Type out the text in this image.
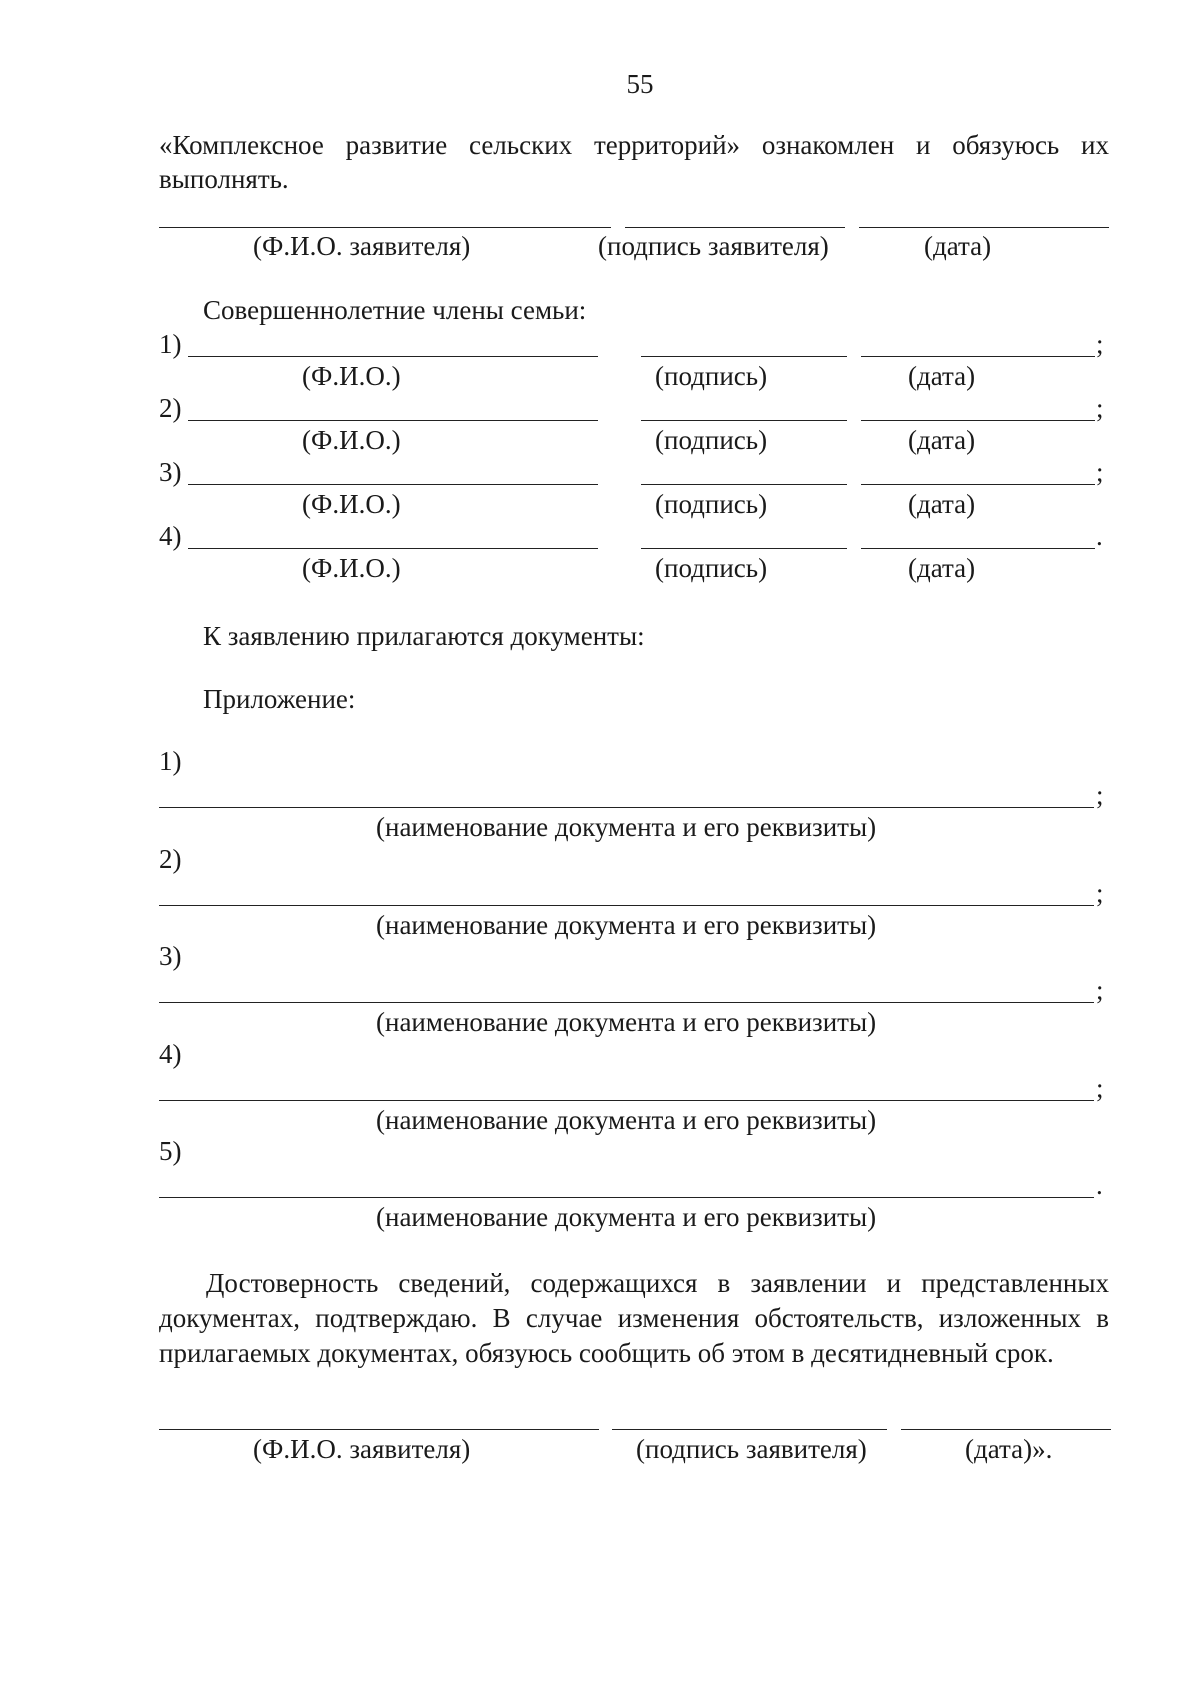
55
«Комплексное развитие сельских территорий» ознакомлен и обязуюсь их выполнять.
(Ф.И.О. заявителя)	(подпись заявителя)	(дата)
Совершеннолетние члены семьи:
1)	;
(Ф.И.О.)	(подпись)	(дата)
2)	;
(Ф.И.О.)	(подпись)	(дата)
3)	;
(Ф.И.О.)	(подпись)	(дата)
4)	.
(Ф.И.О.)	(подпись)	(дата)
К заявлению прилагаются документы:
Приложение:
1)
;
(наименование документа и его реквизиты)
2)
;
(наименование документа и его реквизиты)
3)
;
(наименование документа и его реквизиты)
4)
;
(наименование документа и его реквизиты)
5)
.
(наименование документа и его реквизиты)
Достоверность сведений, содержащихся в заявлении и представленных документах, подтверждаю. В случае изменения обстоятельств, изложенных в прилагаемых документах, обязуюсь сообщить об этом в десятидневный срок.
(Ф.И.О. заявителя)	(подпись заявителя)	(дата)».
